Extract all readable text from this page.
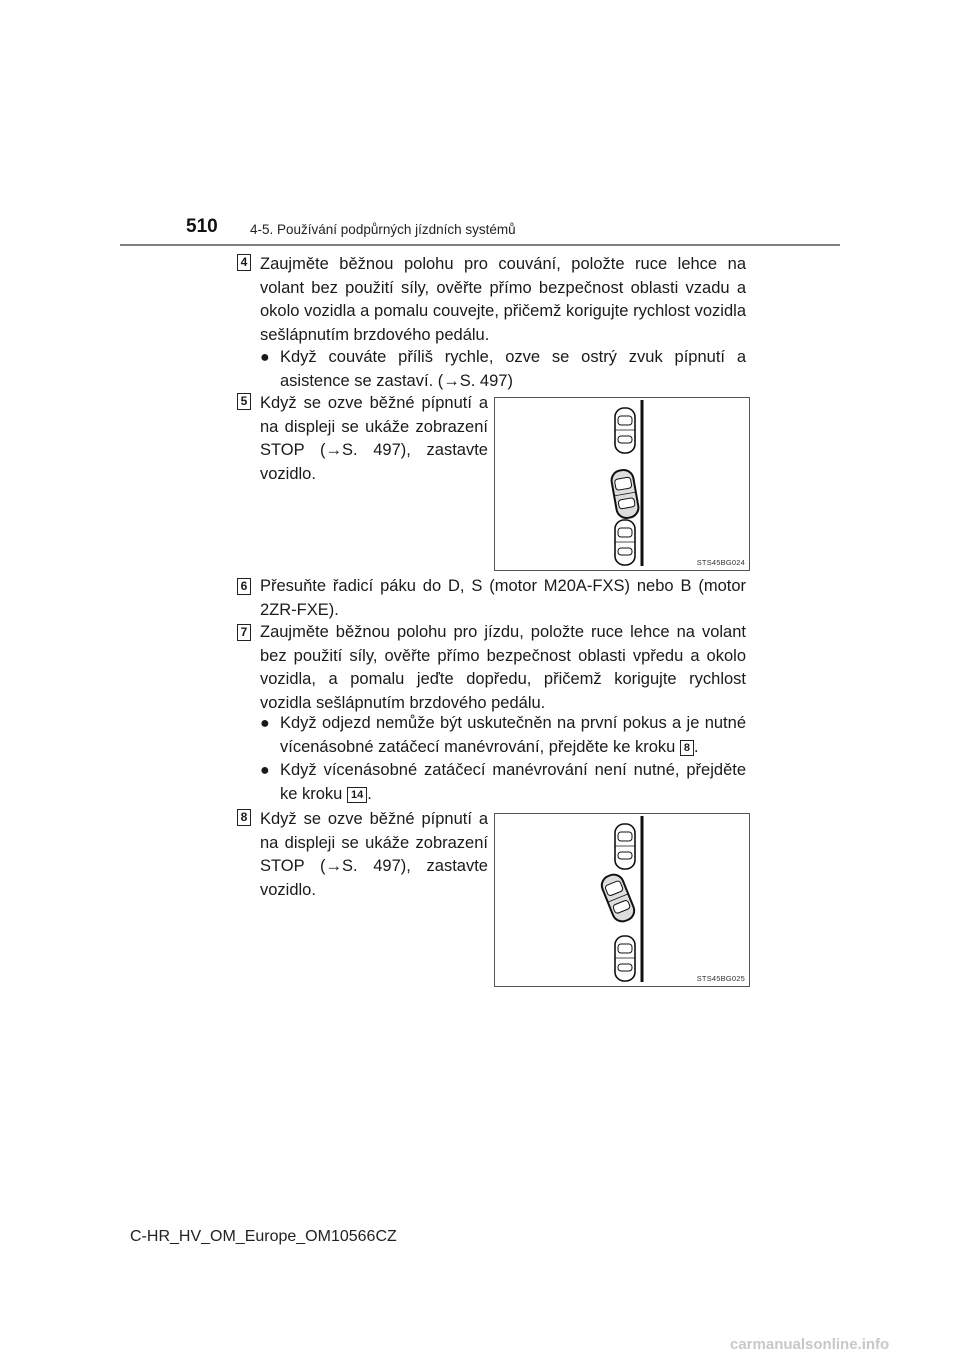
510 4-5. Používání podpůrných jízdních systémů
4 Zaujměte běžnou polohu pro couvání, položte ruce lehce na volant bez použití síly, ověřte přímo bezpečnost oblasti vzadu a okolo vozidla a pomalu couvejte, přičemž korigujte rychlost vozidla sešlápnutím brzdového pedálu.
● Když couváte příliš rychle, ozve se ostrý zvuk pípnutí a asistence se zastaví. (→S. 497)
5 Když se ozve běžné pípnutí a na displeji se ukáže zobrazení STOP (→S. 497), zastavte vozidlo.
STS45BG024
6 Přesuňte řadicí páku do D, S (motor M20A-FXS) nebo B (motor 2ZR-FXE).
7 Zaujměte běžnou polohu pro jízdu, položte ruce lehce na volant bez použití síly, ověřte přímo bezpečnost oblasti vpředu a okolo vozidla, a pomalu jeďte dopředu, přičemž korigujte rychlost vozidla sešlápnutím brzdového pedálu.
● Když odjezd nemůže být uskutečněn na první pokus a je nutné vícenásobné zatáčecí manévrování, přejděte ke kroku 8 .
● Když vícenásobné zatáčecí manévrování není nutné, přejděte ke kroku 14 .
8 Když se ozve běžné pípnutí a na displeji se ukáže zobrazení STOP (→S. 497), zastavte vozidlo.
STS45BG025
C-HR_HV_OM_Europe_OM10566CZ
carmanualsonline.info
